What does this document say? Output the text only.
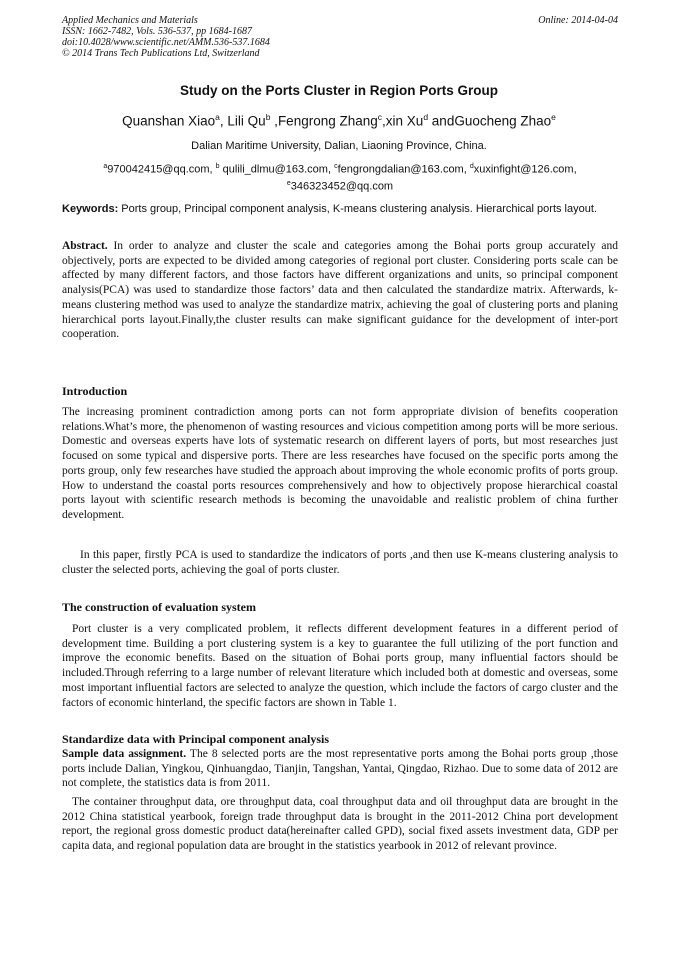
Applied Mechanics and Materials
ISSN: 1662-7482, Vols. 536-537, pp 1684-1687
doi:10.4028/www.scientific.net/AMM.536-537.1684
© 2014 Trans Tech Publications Ltd, Switzerland
Online: 2014-04-04
Study on the Ports Cluster in Region Ports Group
Quanshan Xiao$^a$, Lili Qu$^b$ ,Fengrong Zhang$^c$,xin Xu$^d$ andGuocheng Zhao$^e$
Dalian Maritime University, Dalian, Liaoning Province, China.
$^a$970042415@qq.com, $^b$ qulili_dlmu@163.com, $^c$fengrongdalian@163.com, $^d$xuxinfight@126.com,
$^e$346323452@qq.com
Keywords: Ports group, Principal component analysis, K-means clustering analysis. Hierarchical ports layout.
Abstract. In order to analyze and cluster the scale and categories among the Bohai ports group accurately and objectively, ports are expected to be divided among categories of regional port cluster. Considering ports scale can be affected by many different factors, and those factors have different organizations and units, so principal component analysis(PCA) was used to standardize those factors’ data and then calculated the standardize matrix. Afterwards, k-means clustering method was used to analyze the standardize matrix, achieving the goal of clustering ports and planing hierarchical ports layout.Finally,the cluster results can make significant guidance for the development of inter-port cooperation.
Introduction
The increasing prominent contradiction among ports can not form appropriate division of benefits cooperation relations.What’s more, the phenomenon of wasting resources and vicious competition among ports will be more serious. Domestic and overseas experts have lots of systematic research on different layers of ports, but most researches just focused on some typical and dispersive ports. There are less researches have focused on the specific ports among the ports group, only few researches have studied the approach about improving the whole economic profits of ports group. How to understand the coastal ports resources comprehensively and how to objectively propose hierarchical coastal ports layout with scientific research methods is becoming the unavoidable and realistic problem of china further development.
In this paper, firstly PCA is used to standardize the indicators of ports ,and then use K-means clustering analysis to cluster the selected ports, achieving the goal of ports cluster.
The construction of evaluation system
Port cluster is a very complicated problem, it reflects different development features in a different period of development time. Building a port clustering system is a key to guarantee the full utilizing of the port function and improve the economic benefits. Based on the situation of Bohai ports group, many influential factors should be included.Through referring to a large number of relevant literature which included both at domestic and overseas, some most important influential factors are selected to analyze the question, which include the factors of cargo cluster and the factors of economic hinterland, the specific factors are shown in Table 1.
Standardize data with Principal component analysis
Sample data assignment. The 8 selected ports are the most representative ports among the Bohai ports group ,those ports include Dalian, Yingkou, Qinhuangdao, Tianjin, Tangshan, Yantai, Qingdao, Rizhao. Due to some data of 2012 are not complete, the statistics data is from 2011.
The container throughput data, ore throughput data, coal throughput data and oil throughput data are brought in the 2012 China statistical yearbook, foreign trade throughput data is brought in the 2011-2012 China port development report, the regional gross domestic product data(hereinafter called GPD), social fixed assets investment data, GDP per capita data, and regional population data are brought in the statistics yearbook in 2012 of relevant province.
